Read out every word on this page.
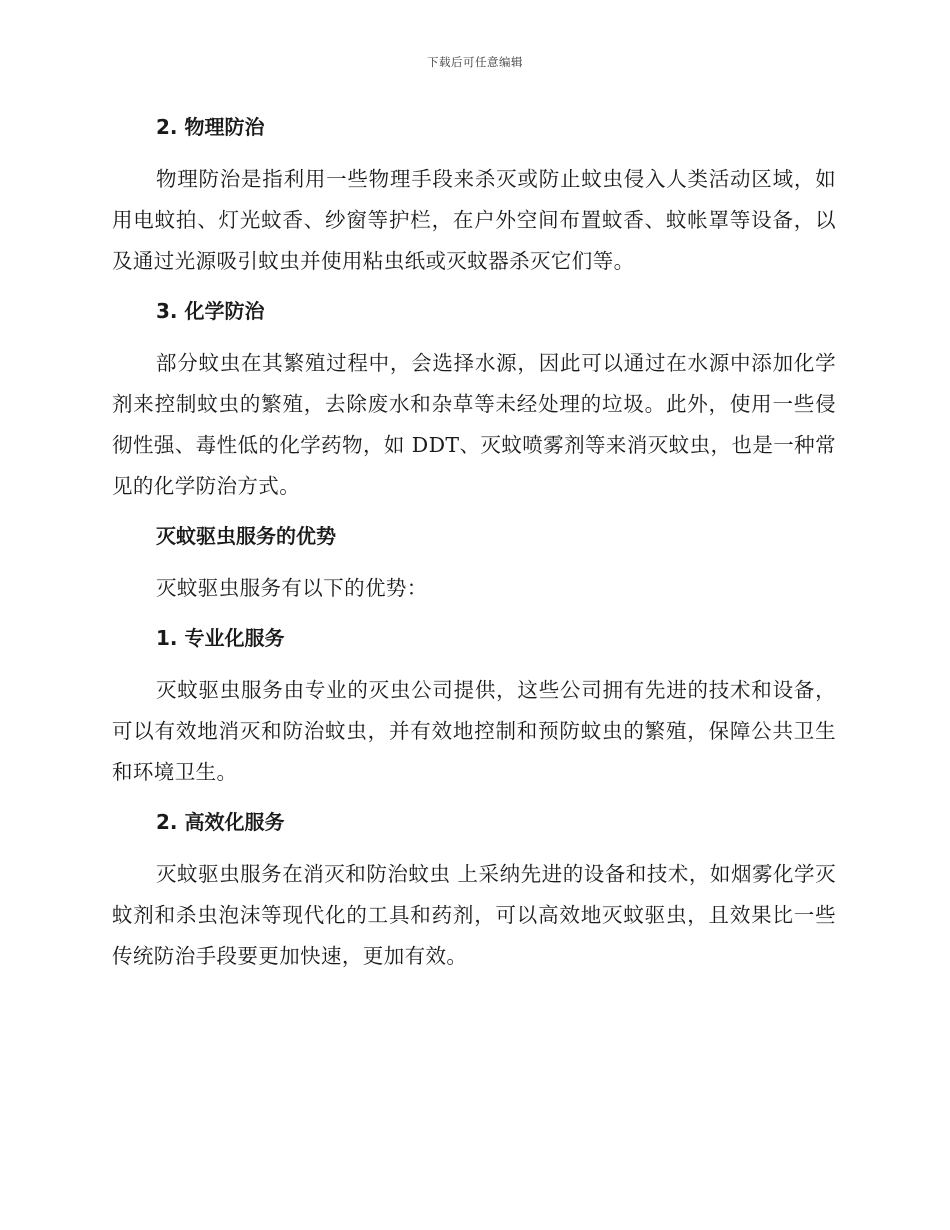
下载后可任意编辑
2. 物理防治

物理防治是指利用一些物理手段来杀灭或防止蚊虫侵入人类活动区域，如用电蚊拍、灯光蚊香、纱窗等护栏，在户外空间布置蚊香、蚊帐罩等设备，以及通过光源吸引蚊虫并使用粘虫纸或灭蚊器杀灭它们等。

3. 化学防治

部分蚊虫在其繁殖过程中，会选择水源，因此可以通过在水源中添加化学剂来控制蚊虫的繁殖，去除废水和杂草等未经处理的垃圾。此外，使用一些侵彻性强、毒性低的化学药物，如 DDT、灭蚊喷雾剂等来消灭蚊虫，也是一种常见的化学防治方式。

灭蚊驱虫服务的优势

灭蚊驱虫服务有以下的优势：

1. 专业化服务

灭蚊驱虫服务由专业的灭虫公司提供，这些公司拥有先进的技术和设备，可以有效地消灭和防治蚊虫，并有效地控制和预防蚊虫的繁殖，保障公共卫生和环境卫生。

2. 高效化服务

灭蚊驱虫服务在消灭和防治蚊虫 上采纳先进的设备和技术，如烟雾化学灭蚊剂和杀虫泡沫等现代化的工具和药剂，可以高效地灭蚊驱虫，且效果比一些传统防治手段要更加快速，更加有效。
